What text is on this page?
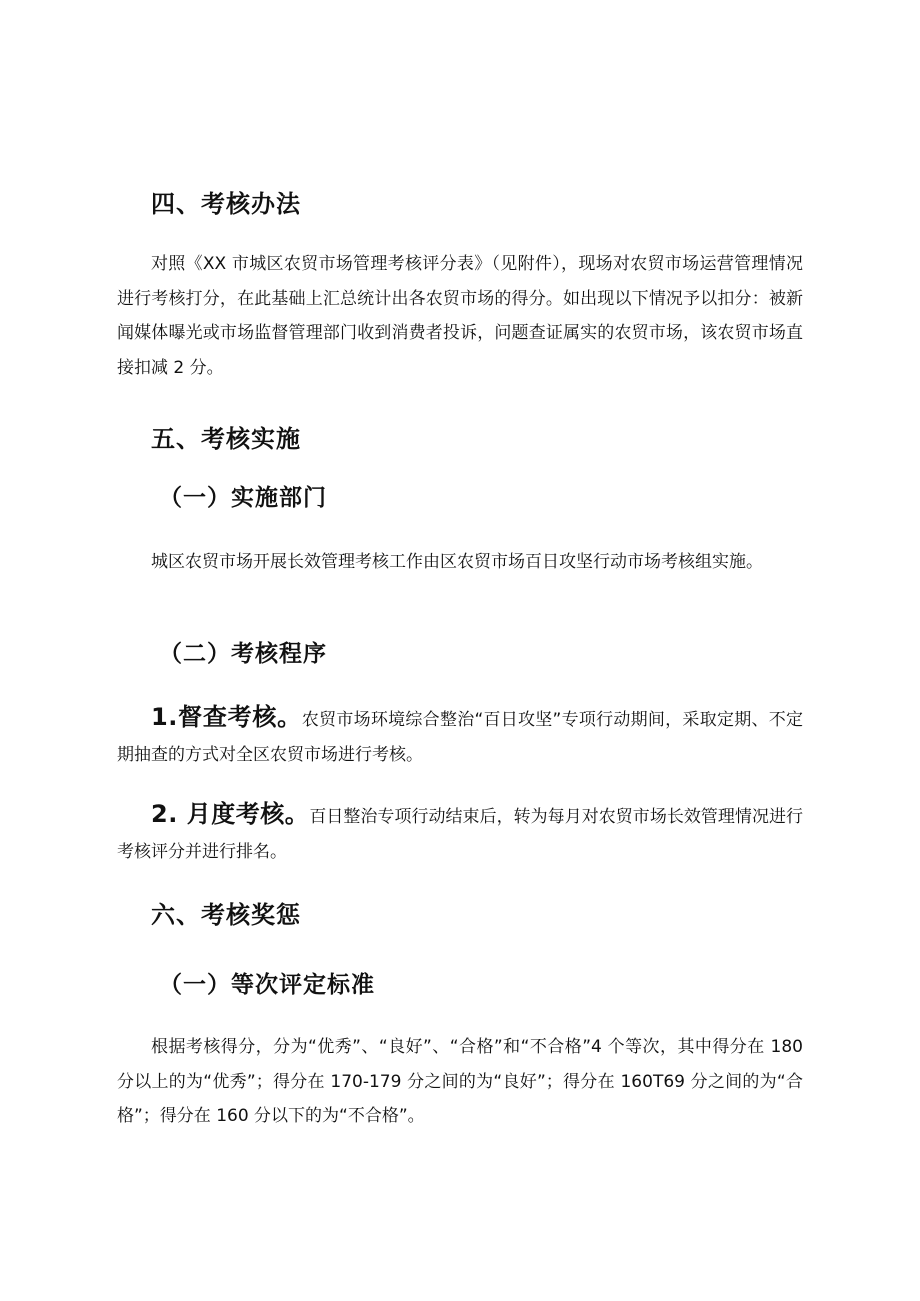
四、考核办法
对照《XX 市城区农贸市场管理考核评分表》（见附件），现场对农贸市场运营管理情况进行考核打分，在此基础上汇总统计出各农贸市场的得分。如出现以下情况予以扣分：被新闻媒体曝光或市场监督管理部门收到消费者投诉，问题查证属实的农贸市场，该农贸市场直接扣减 2 分。
五、考核实施
（一）实施部门
城区农贸市场开展长效管理考核工作由区农贸市场百日攻坚行动市场考核组实施。
（二）考核程序
1.督查考核。农贸市场环境综合整治“百日攻坚”专项行动期间，采取定期、不定期抽查的方式对全区农贸市场进行考核。
2. 月度考核。百日整治专项行动结束后，转为每月对农贸市场长效管理情况进行考核评分并进行排名。
六、考核奖惩
（一）等次评定标准
根据考核得分，分为“优秀”、“良好”、“合格”和“不合格”4 个等次，其中得分在 180 分以上的为“优秀”；得分在 170-179 分之间的为“良好”；得分在 160T69 分之间的为“合格”；得分在 160 分以下的为“不合格”。
